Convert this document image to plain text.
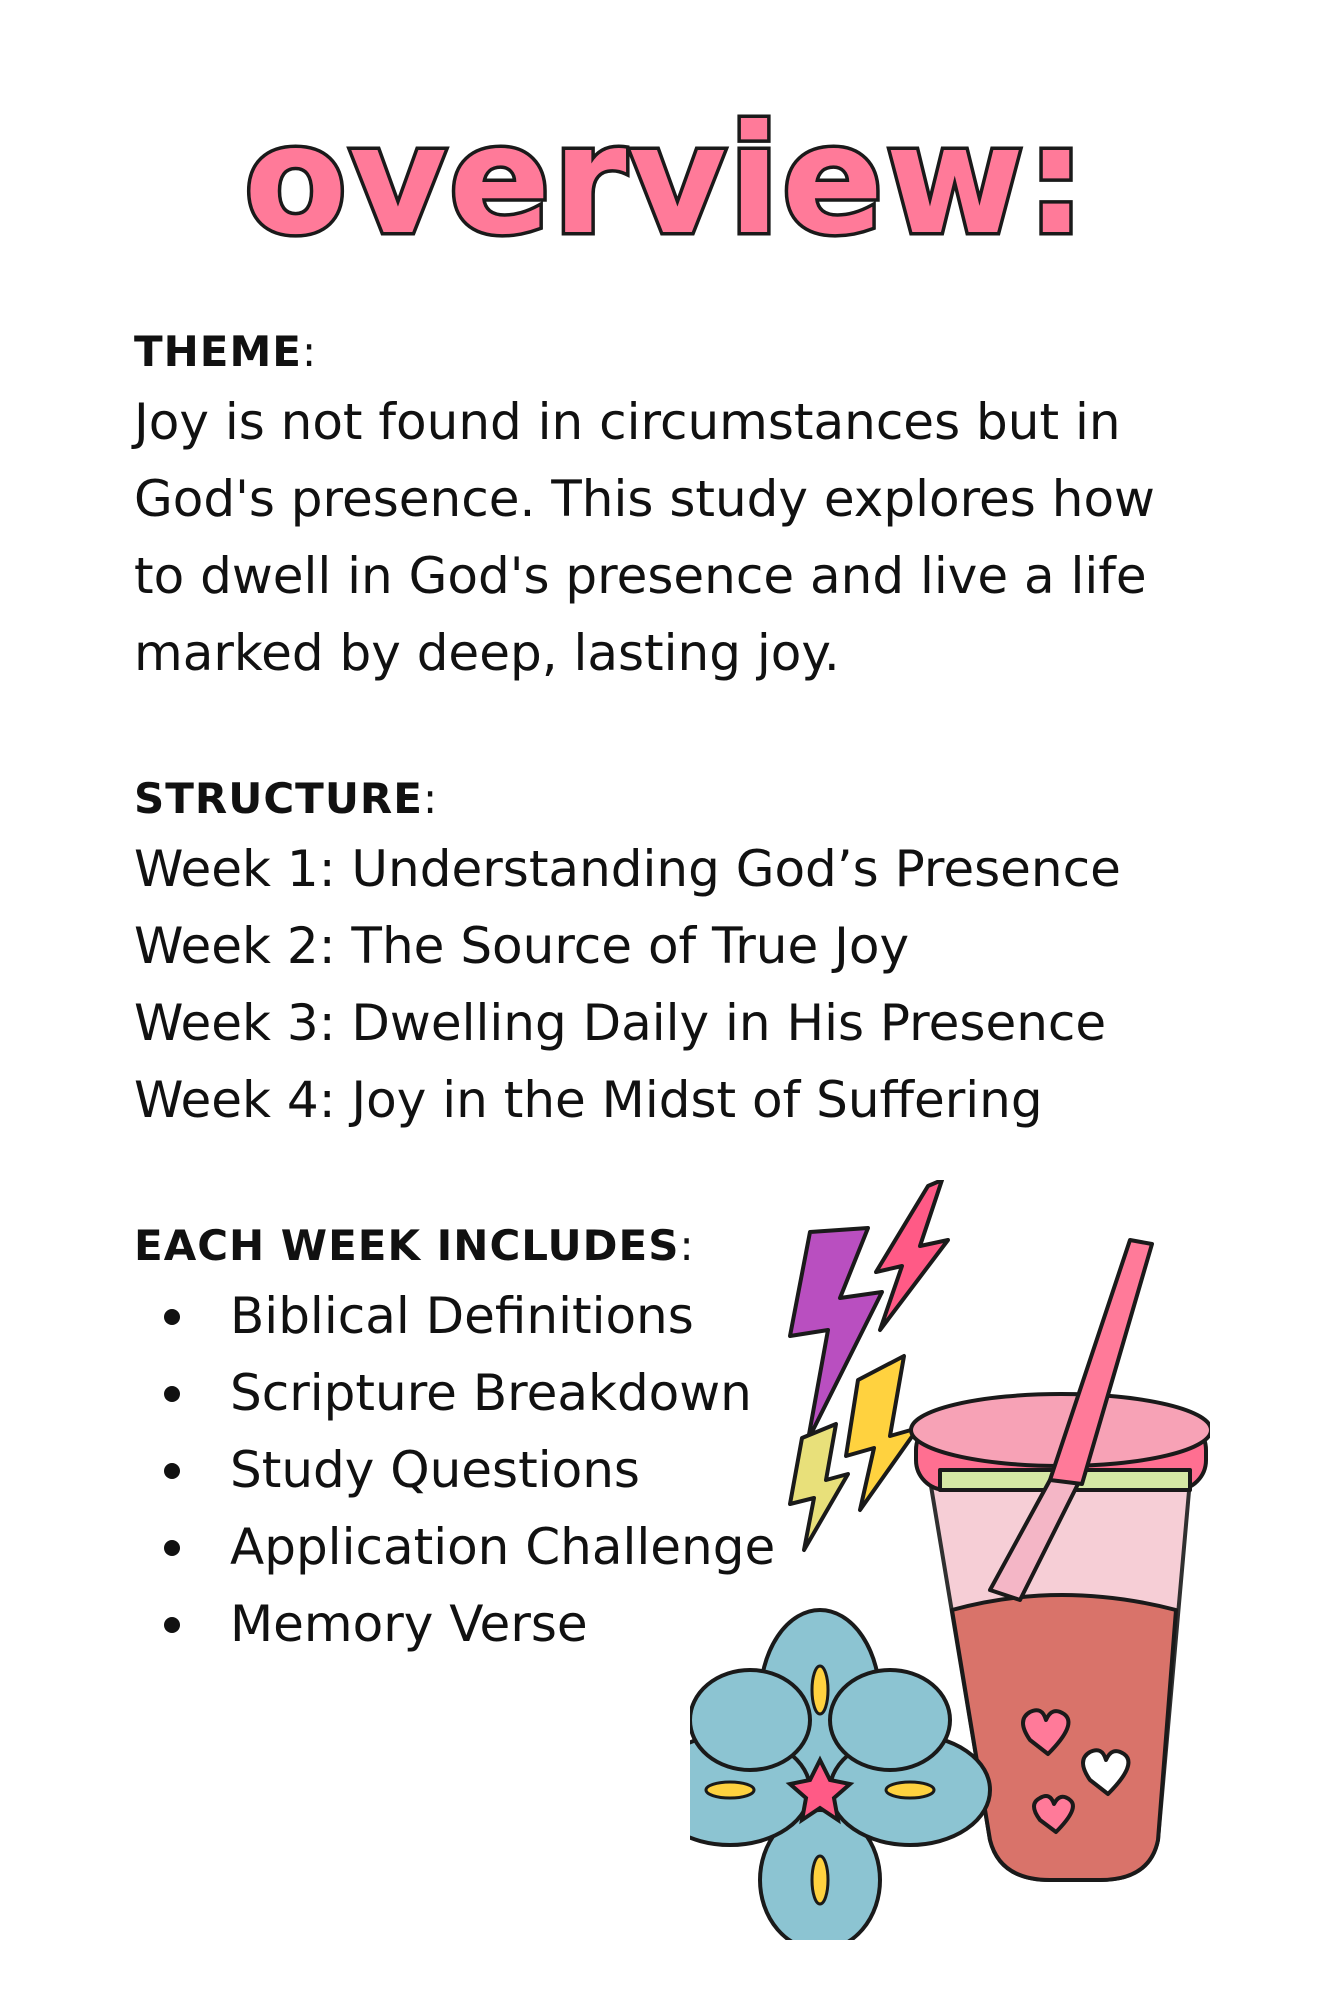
overview:

THEME:

Joy is not found in circumstances but in
God's presence. This study explores how
to dwell in God's presence and live a life
marked by deep, lasting joy.

STRUCTURE:

Week 1: Understanding God’s Presence
Week 2: The Source of True Joy
Week 3: Dwelling Daily in His Presence
Week 4: Joy in the Midst of Suffering

EACH WEEK INCLUDES:

Biblical Definitions
Scripture Breakdown
Study Questions
Application Challenge
Memory Verse
